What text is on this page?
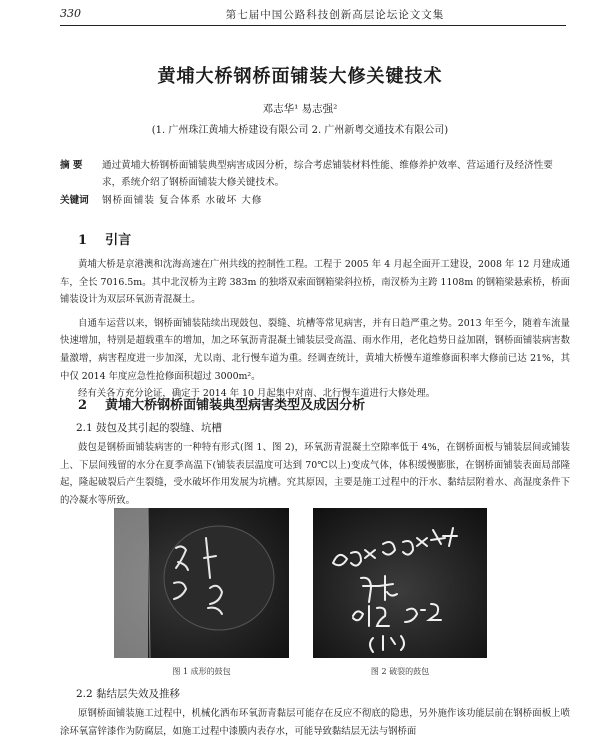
330	第七届中国公路科技创新高层论坛论文文集
黄埔大桥钢桥面铺装大修关键技术
邓志华¹ 易志强²
(1. 广州珠江黄埔大桥建设有限公司 2. 广州新粤交通技术有限公司)
摘 要 通过黄埔大桥钢桥面铺装典型病害成因分析，综合考虑铺装材料性能、维修养护效率、营运通行及经济性要求，系统介绍了钢桥面铺装大修关键技术。
关键词 钢桥面铺装 复合体系 水破坏 大修
1 引言

黄埔大桥是京港澳和沈海高速在广州共线的控制性工程。工程于 2005 年 4 月起全面开工建设，2008 年 12 月建成通车，全长 7016.5m。其中北汊桥为主跨 383m 的独塔双索面钢箱梁斜拉桥，南汊桥为主跨 1108m 的钢箱梁悬索桥，桥面铺装设计为双层环氧沥青混凝土。

自通车运营以来，钢桥面铺装陆续出现鼓包、裂缝、坑槽等常见病害，并有日趋严重之势。2013 年至今，随着车流量快速增加，特别是超载重车的增加，加之环氧沥青混凝土铺装层受高温、雨水作用，老化趋势日益加剧，钢桥面铺装病害数量激增，病害程度进一步加深，尤以南、北行慢车道为重。经调查统计，黄埔大桥慢车道维修面积率大修前已达 21%，其中仅 2014 年度应急性抢修面积超过 3000m²。

经有关各方充分论证，确定于 2014 年 10 月起集中对南、北行慢车道进行大修处理。

2 黄埔大桥钢桥面铺装典型病害类型及成因分析
2.1 鼓包及其引起的裂缝、坑槽

鼓包是钢桥面铺装病害的一种特有形式(图 1、图 2)，环氧沥青混凝土空隙率低于 4%，在钢桥面板与铺装层间或铺装上、下层间残留的水分在夏季高温下(铺装表层温度可达到 70℃以上)变成气体，体积缓慢膨胀，在钢桥面铺装表面局部隆起，隆起破裂后产生裂缝，受水破坏作用发展为坑槽。究其原因，主要是施工过程中的汗水、黏结层附着水、高湿度条件下的冷凝水等所致。

图 1 成形的鼓包	图 2 破裂的鼓包
2.2 黏结层失效及推移

原钢桥面铺装施工过程中，机械化洒布环氧沥青黏层可能存在反应不彻底的隐患，另外施作该功能层前在钢桥面板上喷涂环氧富锌漆作为防腐层，如施工过程中漆膜内表存水，可能导致黏结层无法与钢桥面
